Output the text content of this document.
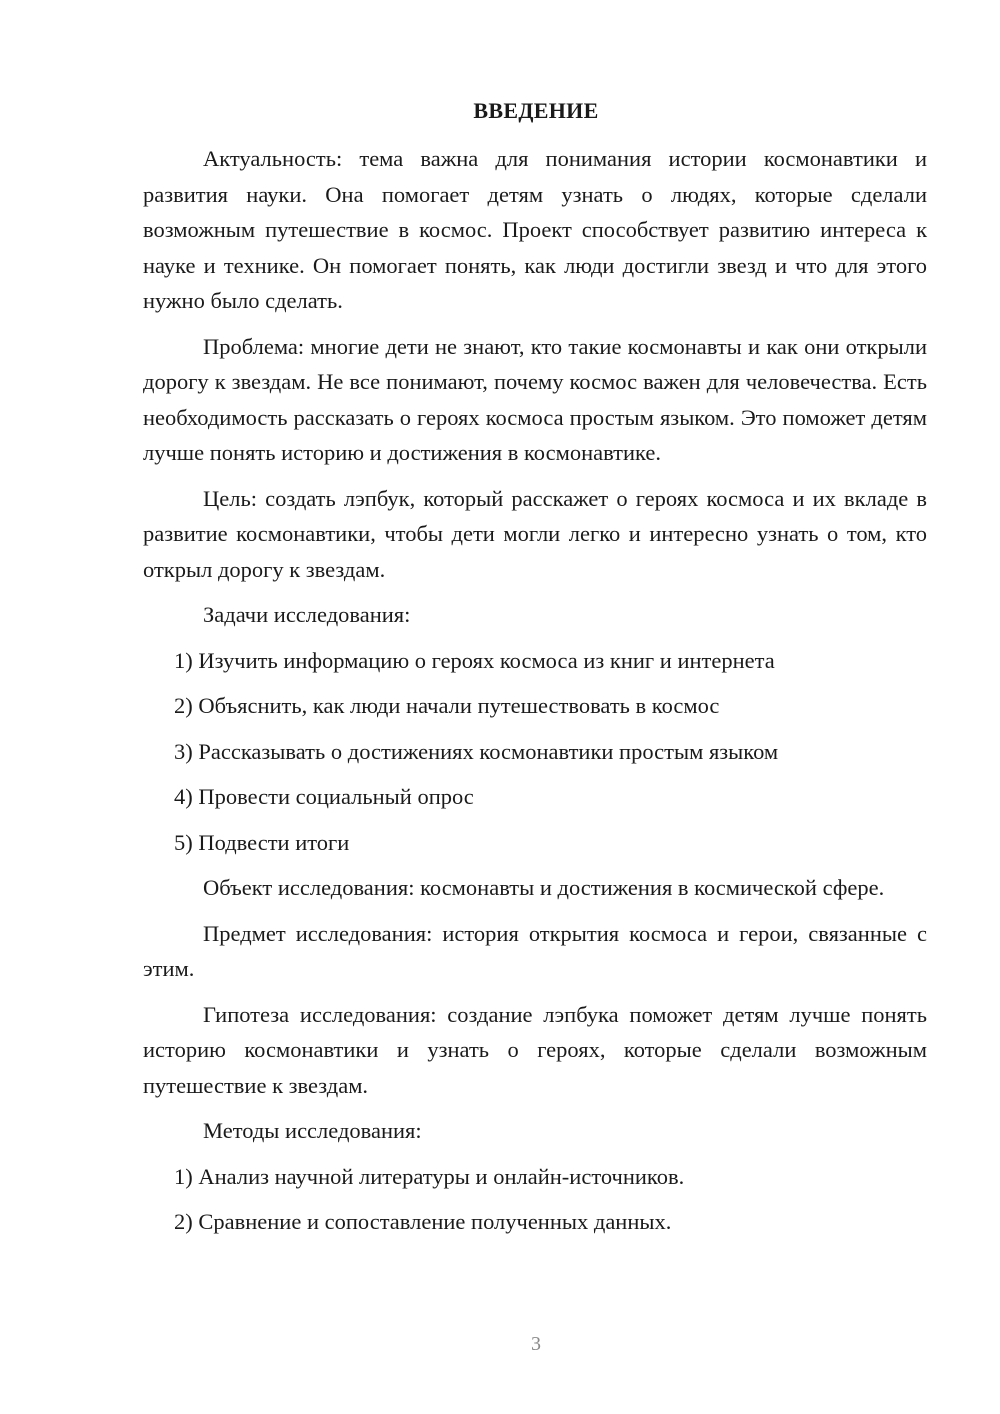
ВВЕДЕНИЕ

Актуальность: тема важна для понимания истории космонавтики и развития науки. Она помогает детям узнать о людях, которые сделали возможным путешествие в космос. Проект способствует развитию интереса к науке и технике. Он помогает понять, как люди достигли звезд и что для этого нужно было сделать.

Проблема: многие дети не знают, кто такие космонавты и как они открыли дорогу к звездам. Не все понимают, почему космос важен для человечества. Есть необходимость рассказать о героях космоса простым языком. Это поможет детям лучше понять историю и достижения в космонавтике.

Цель: создать лэпбук, который расскажет о героях космоса и их вкладе в развитие космонавтики, чтобы дети могли легко и интересно узнать о том, кто открыл дорогу к звездам.

Задачи исследования:

1) Изучить информацию о героях космоса из книг и интернета

2) Объяснить, как люди начали путешествовать в космос

3) Рассказывать о достижениях космонавтики простым языком

4) Провести социальный опрос

5) Подвести итоги

Объект исследования: космонавты и достижения в космической сфере.

Предмет исследования: история открытия космоса и герои, связанные с этим.

Гипотеза исследования: создание лэпбука поможет детям лучше понять историю космонавтики и узнать о героях, которые сделали возможным путешествие к звездам.

Методы исследования:

1) Анализ научной литературы и онлайн-источников.

2) Сравнение и сопоставление полученных данных.

3
